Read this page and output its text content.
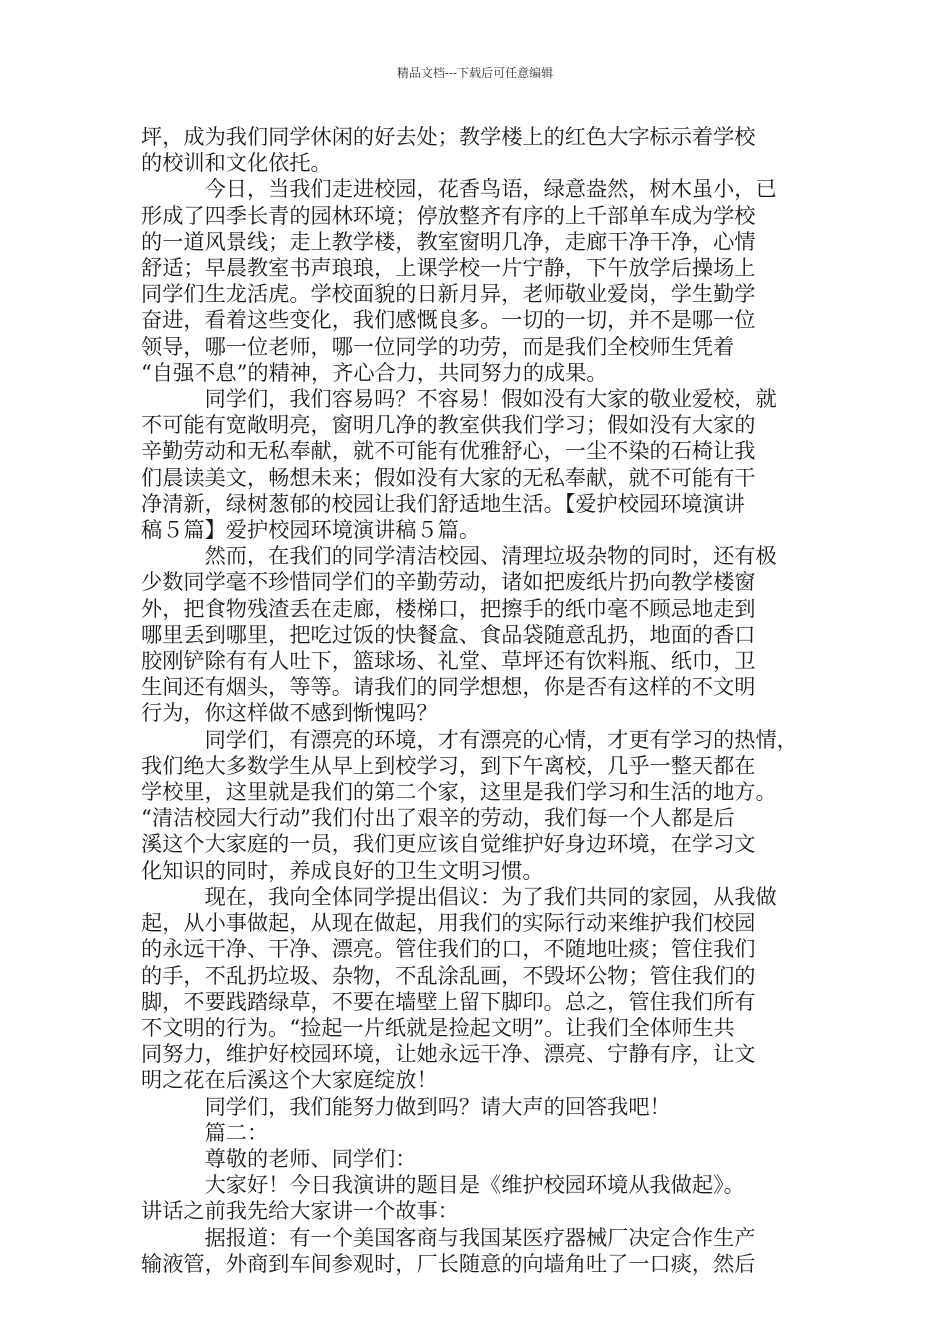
精品文档---下载后可任意编辑

坪，成为我们同学休闲的好去处；教学楼上的红色大字标示着学校
的校训和文化依托。

今日，当我们走进校园，花香鸟语，绿意盎然，树木虽小，已
形成了四季长青的园林环境；停放整齐有序的上千部单车成为学校
的一道风景线；走上教学楼，教室窗明几净，走廊干净干净，心情
舒适；早晨教室书声琅琅，上课学校一片宁静，下午放学后操场上
同学们生龙活虎。学校面貌的日新月异，老师敬业爱岗，学生勤学
奋进，看着这些变化，我们感慨良多。一切的一切，并不是哪一位
领导，哪一位老师，哪一位同学的功劳，而是我们全校师生凭着
“自强不息”的精神，齐心合力，共同努力的成果。

同学们，我们容易吗？不容易！假如没有大家的敬业爱校，就
不可能有宽敞明亮，窗明几净的教室供我们学习；假如没有大家的
辛勤劳动和无私奉献，就不可能有优雅舒心，一尘不染的石椅让我
们晨读美文，畅想未来；假如没有大家的无私奉献，就不可能有干
净清新，绿树葱郁的校园让我们舒适地生活。【爱护校园环境演讲
稿５篇】爱护校园环境演讲稿５篇。

然而，在我们的同学清洁校园、清理垃圾杂物的同时，还有极
少数同学毫不珍惜同学们的辛勤劳动，诸如把废纸片扔向教学楼窗
外，把食物残渣丢在走廊，楼梯口，把擦手的纸巾毫不顾忌地走到
哪里丢到哪里，把吃过饭的快餐盒、食品袋随意乱扔，地面的香口
胶刚铲除有有人吐下，篮球场、礼堂、草坪还有饮料瓶、纸巾，卫
生间还有烟头，等等。请我们的同学想想，你是否有这样的不文明
行为，你这样做不感到惭愧吗？

同学们，有漂亮的环境，才有漂亮的心情，才更有学习的热情，
我们绝大多数学生从早上到校学习，到下午离校，几乎一整天都在
学校里，这里就是我们的第二个家，这里是我们学习和生活的地方。
“清洁校园大行动”我们付出了艰辛的劳动，我们每一个人都是后
溪这个大家庭的一员，我们更应该自觉维护好身边环境，在学习文
化知识的同时，养成良好的卫生文明习惯。

现在，我向全体同学提出倡议：为了我们共同的家园，从我做
起，从小事做起，从现在做起，用我们的实际行动来维护我们校园
的永远干净、干净、漂亮。管住我们的口，不随地吐痰；管住我们
的手，不乱扔垃圾、杂物，不乱涂乱画，不毁坏公物；管住我们的
脚，不要践踏绿草，不要在墙壁上留下脚印。总之，管住我们所有
不文明的行为。“捡起一片纸就是捡起文明”。让我们全体师生共
同努力，维护好校园环境，让她永远干净、漂亮、宁静有序，让文
明之花在后溪这个大家庭绽放！

同学们，我们能努力做到吗？请大声的回答我吧！

篇二：

尊敬的老师、同学们：

大家好！今日我演讲的题目是《维护校园环境从我做起》。

讲话之前我先给大家讲一个故事：

据报道：有一个美国客商与我国某医疗器械厂决定合作生产
输液管，外商到车间参观时，厂长随意的向墙角吐了一口痰，然后
